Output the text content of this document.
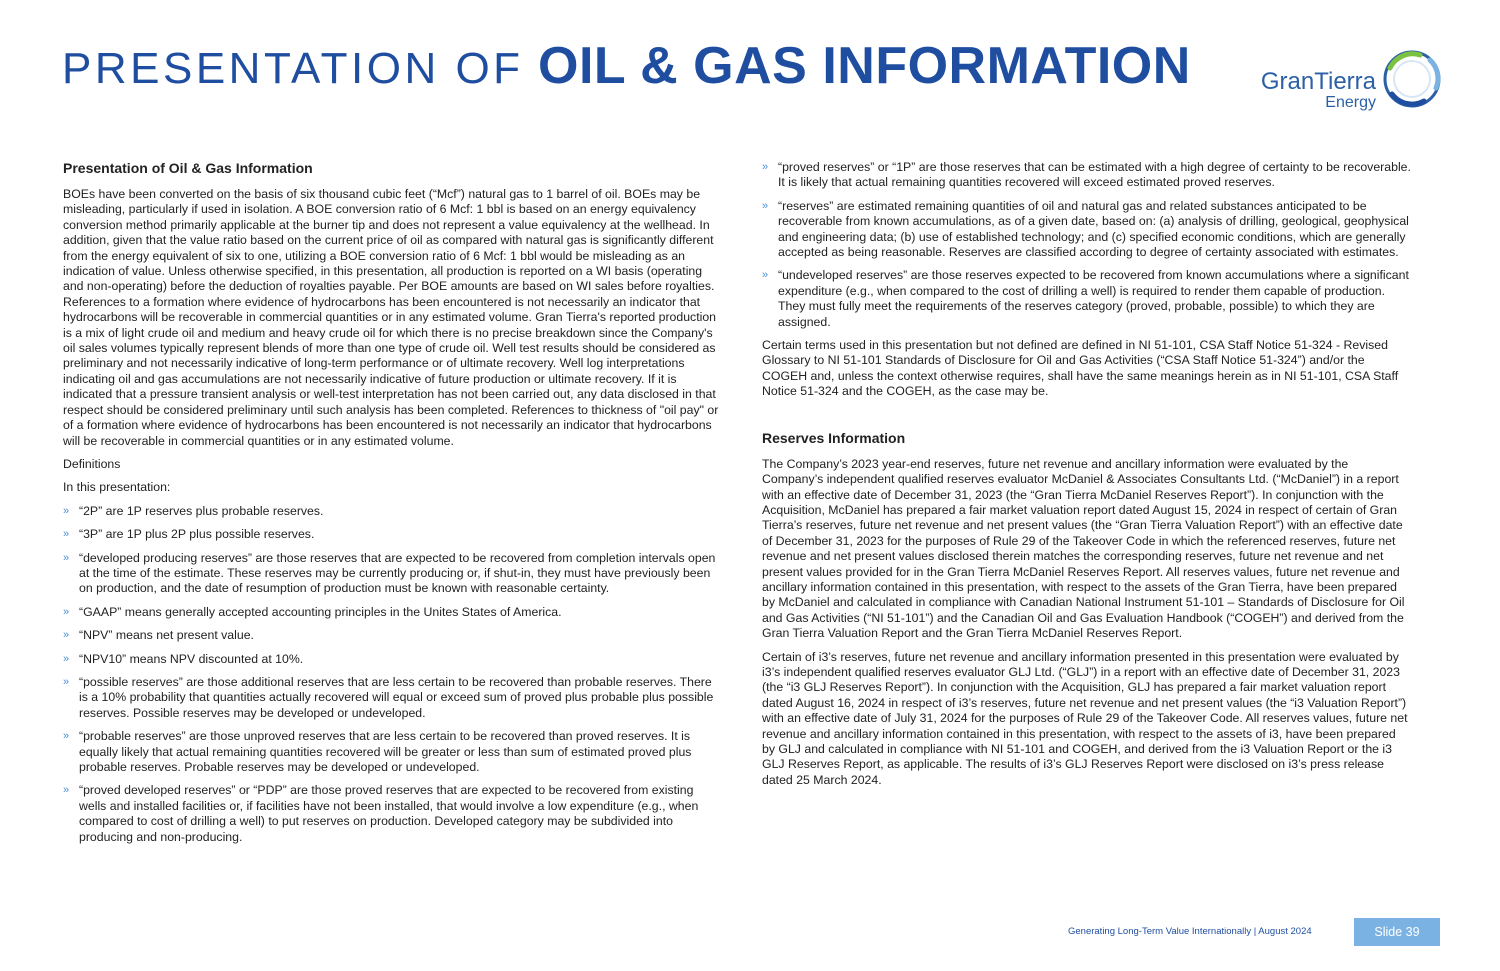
PRESENTATION OF OIL & GAS INFORMATION	GranTierra
Energy
Presentation of Oil & Gas Information

BOEs have been converted on the basis of six thousand cubic feet (“Mcf”) natural gas to 1 barrel of oil. BOEs may be misleading, particularly if used in isolation. A BOE conversion ratio of 6 Mcf: 1 bbl is based on an energy equivalency conversion method primarily applicable at the burner tip and does not represent a value equivalency at the wellhead. In addition, given that the value ratio based on the current price of oil as compared with natural gas is significantly different from the energy equivalent of six to one, utilizing a BOE conversion ratio of 6 Mcf: 1 bbl would be misleading as an indication of value. Unless otherwise specified, in this presentation, all production is reported on a WI basis (operating and non-operating) before the deduction of royalties payable. Per BOE amounts are based on WI sales before royalties. References to a formation where evidence of hydrocarbons has been encountered is not necessarily an indicator that hydrocarbons will be recoverable in commercial quantities or in any estimated volume. Gran Tierra's reported production is a mix of light crude oil and medium and heavy crude oil for which there is no precise breakdown since the Company's oil sales volumes typically represent blends of more than one type of crude oil. Well test results should be considered as preliminary and not necessarily indicative of long-term performance or of ultimate recovery. Well log interpretations indicating oil and gas accumulations are not necessarily indicative of future production or ultimate recovery. If it is indicated that a pressure transient analysis or well-test interpretation has not been carried out, any data disclosed in that respect should be considered preliminary until such analysis has been completed. References to thickness of "oil pay" or of a formation where evidence of hydrocarbons has been encountered is not necessarily an indicator that hydrocarbons will be recoverable in commercial quantities or in any estimated volume.

Definitions

In this presentation:

» “2P” are 1P reserves plus probable reserves.
» “3P” are 1P plus 2P plus possible reserves.
» “developed producing reserves” are those reserves that are expected to be recovered from completion intervals open at the time of the estimate. These reserves may be currently producing or, if shut-in, they must have previously been on production, and the date of resumption of production must be known with reasonable certainty.
» “GAAP” means generally accepted accounting principles in the Unites States of America.
» “NPV” means net present value.
» “NPV10” means NPV discounted at 10%.
» “possible reserves” are those additional reserves that are less certain to be recovered than probable reserves. There is a 10% probability that quantities actually recovered will equal or exceed sum of proved plus probable plus possible reserves. Possible reserves may be developed or undeveloped.
» “probable reserves” are those unproved reserves that are less certain to be recovered than proved reserves. It is equally likely that actual remaining quantities recovered will be greater or less than sum of estimated proved plus probable reserves. Probable reserves may be developed or undeveloped.
» “proved developed reserves” or “PDP” are those proved reserves that are expected to be recovered from existing wells and installed facilities or, if facilities have not been installed, that would involve a low expenditure (e.g., when compared to cost of drilling a well) to put reserves on production. Developed category may be subdivided into producing and non-producing.
» “proved reserves” or “1P” are those reserves that can be estimated with a high degree of certainty to be recoverable. It is likely that actual remaining quantities recovered will exceed estimated proved reserves.
» “reserves” are estimated remaining quantities of oil and natural gas and related substances anticipated to be recoverable from known accumulations, as of a given date, based on: (a) analysis of drilling, geological, geophysical and engineering data; (b) use of established technology; and (c) specified economic conditions, which are generally accepted as being reasonable. Reserves are classified according to degree of certainty associated with estimates.
» “undeveloped reserves” are those reserves expected to be recovered from known accumulations where a significant expenditure (e.g., when compared to the cost of drilling a well) is required to render them capable of production. They must fully meet the requirements of the reserves category (proved, probable, possible) to which they are assigned.

Certain terms used in this presentation but not defined are defined in NI 51-101, CSA Staff Notice 51-324 - Revised Glossary to NI 51-101 Standards of Disclosure for Oil and Gas Activities (“CSA Staff Notice 51-324”) and/or the COGEH and, unless the context otherwise requires, shall have the same meanings herein as in NI 51-101, CSA Staff Notice 51-324 and the COGEH, as the case may be.

Reserves Information

The Company’s 2023 year-end reserves, future net revenue and ancillary information were evaluated by the Company’s independent qualified reserves evaluator McDaniel & Associates Consultants Ltd. (“McDaniel”) in a report with an effective date of December 31, 2023 (the “Gran Tierra McDaniel Reserves Report”). In conjunction with the Acquisition, McDaniel has prepared a fair market valuation report dated August 15, 2024 in respect of certain of Gran Tierra’s reserves, future net revenue and net present values (the “Gran Tierra Valuation Report”) with an effective date of December 31, 2023 for the purposes of Rule 29 of the Takeover Code in which the referenced reserves, future net revenue and net present values disclosed therein matches the corresponding reserves, future net revenue and net present values provided for in the Gran Tierra McDaniel Reserves Report. All reserves values, future net revenue and ancillary information contained in this presentation, with respect to the assets of the Gran Tierra, have been prepared by McDaniel and calculated in compliance with Canadian National Instrument 51-101 – Standards of Disclosure for Oil and Gas Activities (“NI 51-101”) and the Canadian Oil and Gas Evaluation Handbook (“COGEH”) and derived from the Gran Tierra Valuation Report and the Gran Tierra McDaniel Reserves Report.

Certain of i3’s reserves, future net revenue and ancillary information presented in this presentation were evaluated by i3’s independent qualified reserves evaluator GLJ Ltd. (“GLJ”) in a report with an effective date of December 31, 2023 (the “i3 GLJ Reserves Report”). In conjunction with the Acquisition, GLJ has prepared a fair market valuation report dated August 16, 2024 in respect of i3’s reserves, future net revenue and net present values (the “i3 Valuation Report”) with an effective date of July 31, 2024 for the purposes of Rule 29 of the Takeover Code. All reserves values, future net revenue and ancillary information contained in this presentation, with respect to the assets of i3, have been prepared by GLJ and calculated in compliance with NI 51-101 and COGEH, and derived from the i3 Valuation Report or the i3 GLJ Reserves Report, as applicable. The results of i3’s GLJ Reserves Report were disclosed on i3’s press release dated 25 March 2024.

Generating Long-Term Value Internationally | August 2024	Slide 39
